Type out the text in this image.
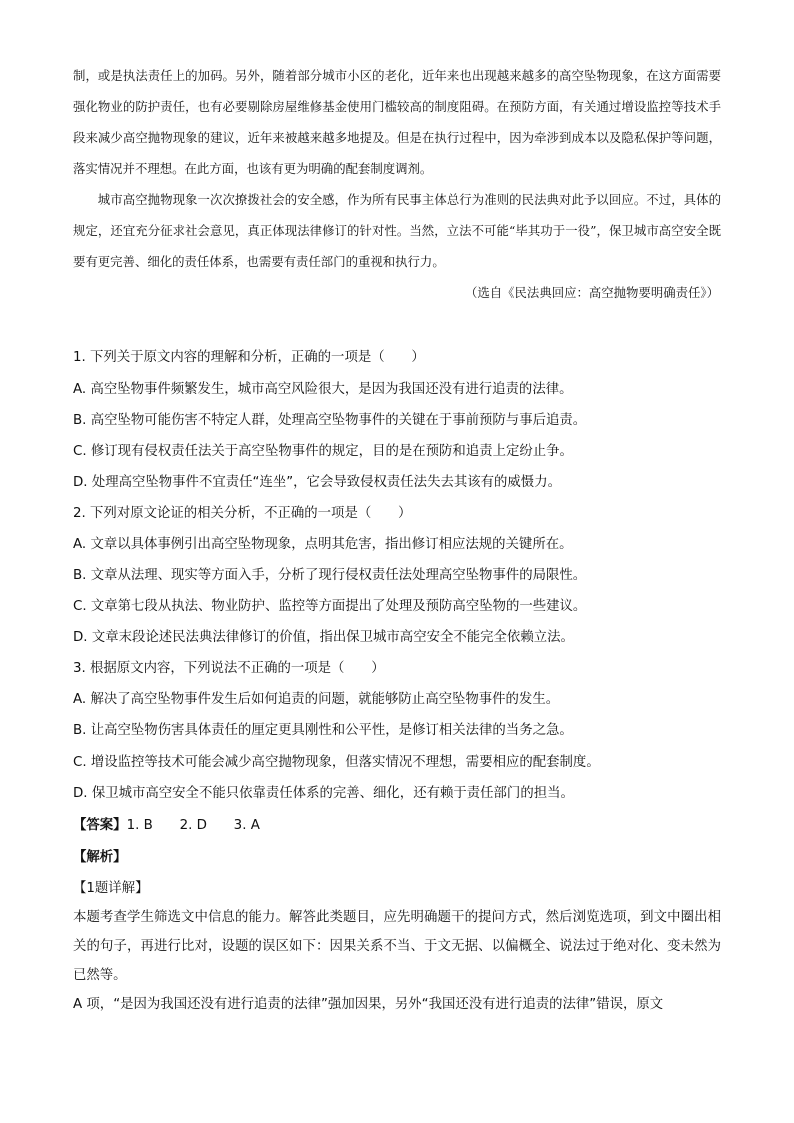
制，或是执法责任上的加码。另外，随着部分城市小区的老化，近年来也出现越来越多的高空坠物现象，在这方面需要强化物业的防护责任，也有必要剔除房屋维修基金使用门槛较高的制度阻碍。在预防方面，有关通过增设监控等技术手段来减少高空抛物现象的建议，近年来被越来越多地提及。但是在执行过程中，因为牵涉到成本以及隐私保护等问题，落实情况并不理想。在此方面，也该有更为明确的配套制度调剂。

城市高空抛物现象一次次撩拨社会的安全感，作为所有民事主体总行为准则的民法典对此予以回应。不过，具体的规定，还宜充分征求社会意见，真正体现法律修订的针对性。当然，立法不可能“毕其功于一役”，保卫城市高空安全既要有更完善、细化的责任体系，也需要有责任部门的重视和执行力。

（选自《民法典回应：高空抛物要明确责任》）

1. 下列关于原文内容的理解和分析，正确的一项是（　　）
A. 高空坠物事件频繁发生，城市高空风险很大，是因为我国还没有进行追责的法律。
B. 高空坠物可能伤害不特定人群，处理高空坠物事件的关键在于事前预防与事后追责。
C. 修订现有侵权责任法关于高空坠物事件的规定，目的是在预防和追责上定纷止争。
D. 处理高空坠物事件不宜责任“连坐”，它会导致侵权责任法失去其该有的威慑力。
2. 下列对原文论证的相关分析，不正确的一项是（　　）
A. 文章以具体事例引出高空坠物现象，点明其危害，指出修订相应法规的关键所在。
B. 文章从法理、现实等方面入手，分析了现行侵权责任法处理高空坠物事件的局限性。
C. 文章第七段从执法、物业防护、监控等方面提出了处理及预防高空坠物的一些建议。
D. 文章末段论述民法典法律修订的价值，指出保卫城市高空安全不能完全依赖立法。
3. 根据原文内容，下列说法不正确的一项是（　　）
A. 解决了高空坠物事件发生后如何追责的问题，就能够防止高空坠物事件的发生。
B. 让高空坠物伤害具体责任的厘定更具刚性和公平性，是修订相关法律的当务之急。
C. 增设监控等技术可能会减少高空抛物现象，但落实情况不理想，需要相应的配套制度。
D. 保卫城市高空安全不能只依靠责任体系的完善、细化，还有赖于责任部门的担当。
【答案】1. B　　2. D　　3. A
【解析】
【1题详解】

本题考查学生筛选文中信息的能力。解答此类题目，应先明确题干的提问方式，然后浏览选项，到文中圈出相关的句子，再进行比对，设题的误区如下：因果关系不当、于文无据、以偏概全、说法过于绝对化、变未然为已然等。

A 项，“是因为我国还没有进行追责的法律”强加因果，另外“我国还没有进行追责的法律”错误，原文
